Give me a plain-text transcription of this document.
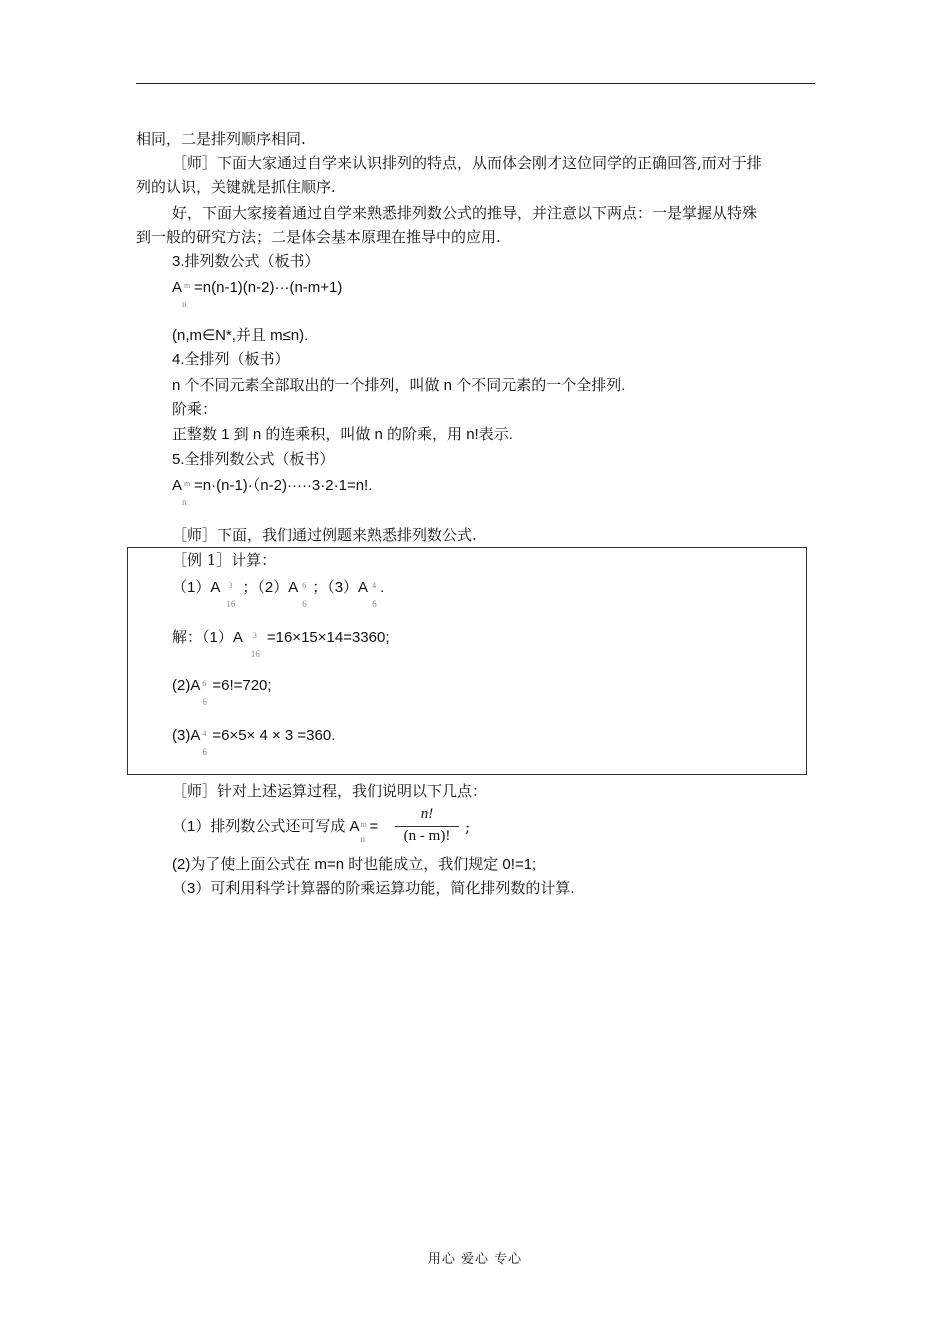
相同，二是排列顺序相同.
［师］下面大家通过自学来认识排列的特点，从而体会刚才这位同学的正确回答,而对于排
列的认识，关键就是抓住顺序.
好，下面大家接着通过自学来熟悉排列数公式的推导，并注意以下两点：一是掌握从特殊
到一般的研究方法；二是体会基本原理在推导中的应用.
3.排列数公式（板书）
A m
n
=n(n-1)(n-2)···(n-m+1)
(n,m∈N*,并且 m≤n).
4.全排列（板书）
n 个不同元素全部取出的一个排列，叫做 n 个不同元素的一个全排列.
阶乘：
正整数 1 到 n 的连乘积，叫做 n 的阶乘，用 n!表示.
5.全排列数公式（板书）
A m
n
=n·(n-1)·（n-2)·····3·2·1=n!.
［师］下面，我们通过例题来熟悉排列数公式.
［例 1］计算：
（1）A 3
16
；（2）A 6
6
；（3）A 4
6
.
解：（1）A 3
16
=16×15×14=3360;
(2)A 6
6
=6!=720;
(3)A 4
6
=6×5× 4 × 3 =360.
［师］针对上述运算过程，我们说明以下几点：
（1）排列数公式还可写成 A m
n
=
n!
(n - m)! ;
(2)为了使上面公式在 m=n 时也能成立，我们规定 0!=1;
（3）可利用科学计算器的阶乘运算功能，简化排列数的计算.
用心 爱心 专心
